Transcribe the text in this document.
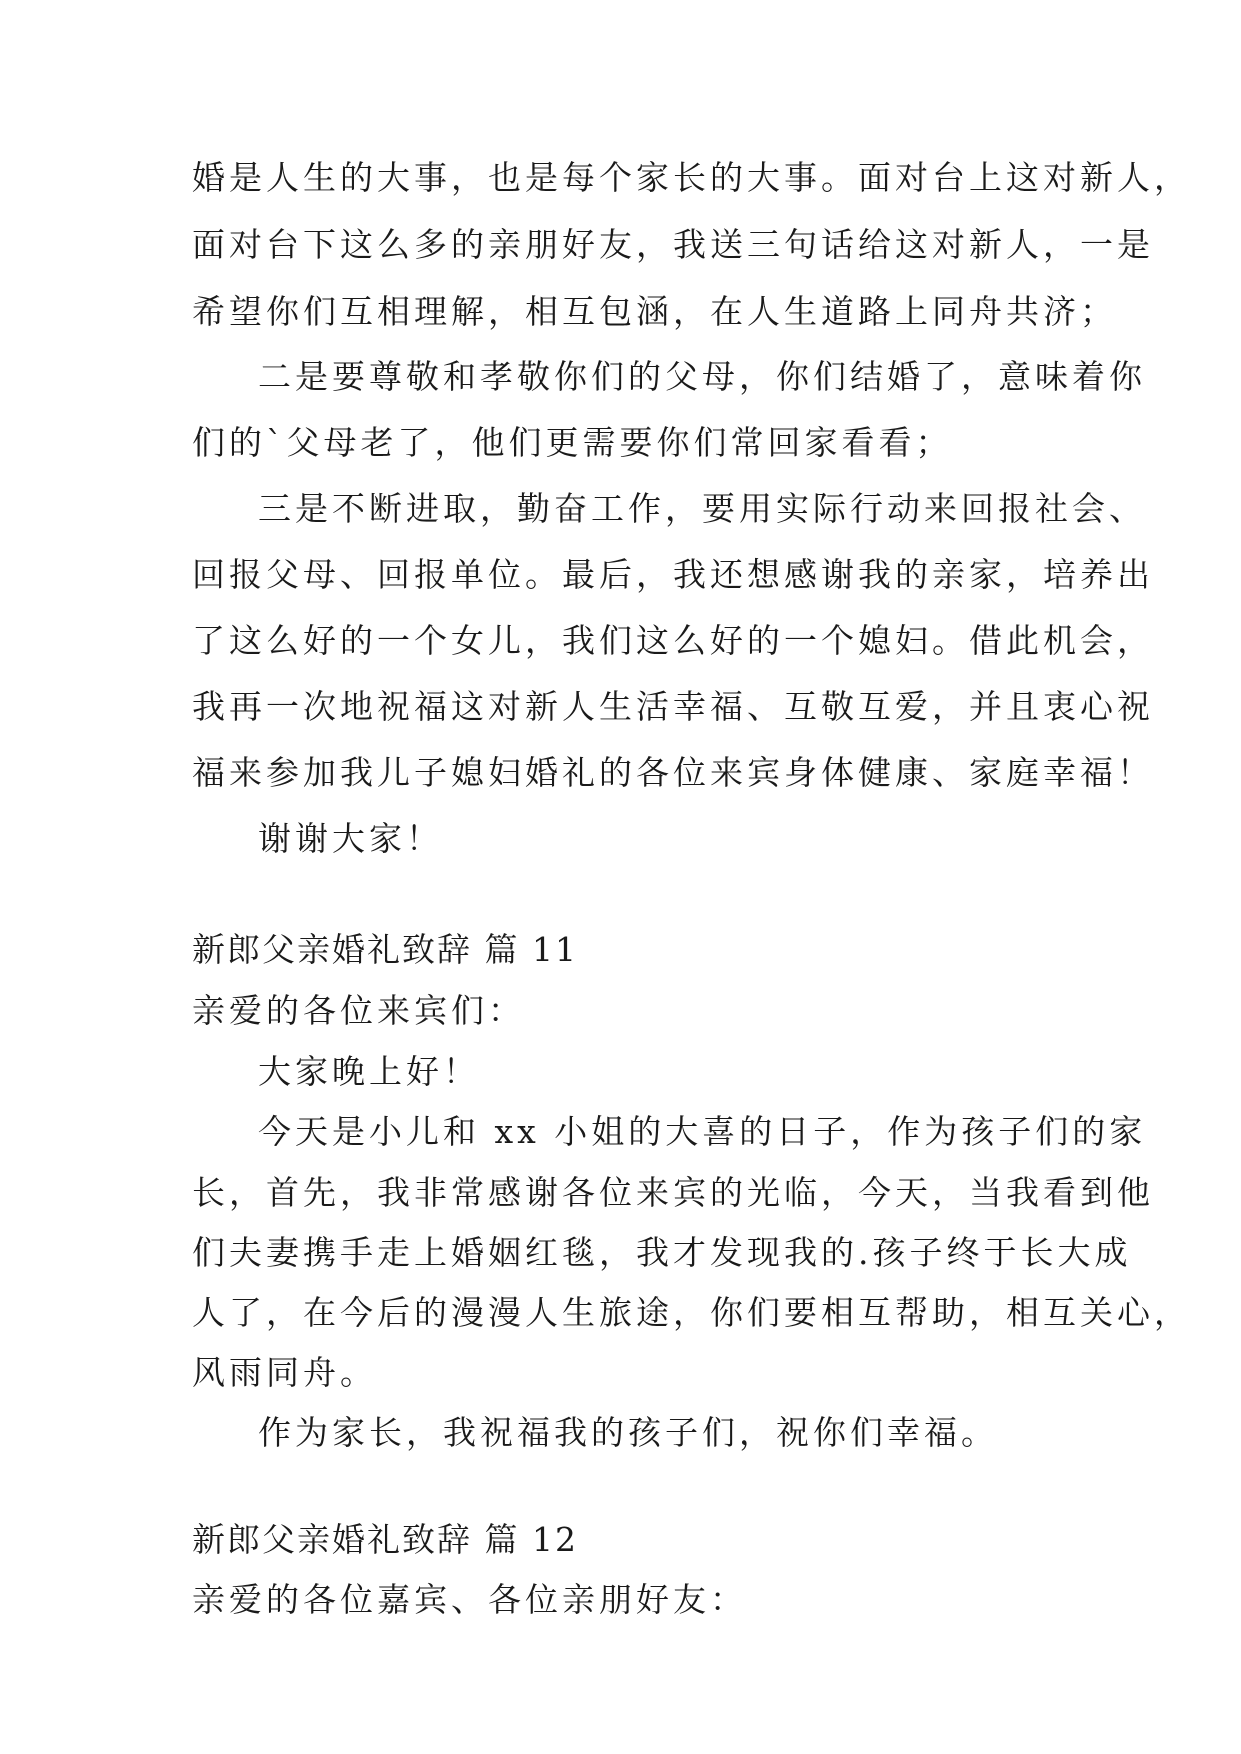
婚是人生的大事，也是每个家长的大事。面对台上这对新人，
面对台下这么多的亲朋好友，我送三句话给这对新人，一是
希望你们互相理解，相互包涵，在人生道路上同舟共济；
二是要尊敬和孝敬你们的父母，你们结婚了，意味着你
们的`父母老了，他们更需要你们常回家看看；
三是不断进取，勤奋工作，要用实际行动来回报社会、
回报父母、回报单位。最后，我还想感谢我的亲家，培养出
了这么好的一个女儿，我们这么好的一个媳妇。借此机会，
我再一次地祝福这对新人生活幸福、互敬互爱，并且衷心祝
福来参加我儿子媳妇婚礼的各位来宾身体健康、家庭幸福！
谢谢大家！
新郎父亲婚礼致辞 篇 11
亲爱的各位来宾们：
大家晚上好！
今天是小儿和 xx 小姐的大喜的日子，作为孩子们的家
长，首先，我非常感谢各位来宾的光临，今天，当我看到他
们夫妻携手走上婚姻红毯，我才发现我的.孩子终于长大成
人了，在今后的漫漫人生旅途，你们要相互帮助，相互关心，
风雨同舟。
作为家长，我祝福我的孩子们，祝你们幸福。
新郎父亲婚礼致辞 篇 12
亲爱的各位嘉宾、各位亲朋好友：
